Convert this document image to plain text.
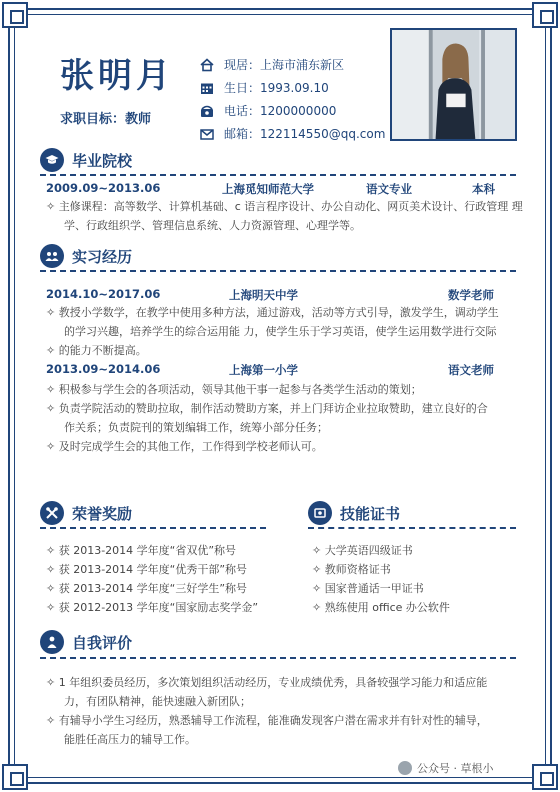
张明月
求职目标：教师
现居：上海市浦东新区
生日：1993.09.10
电话：1200000000
邮箱：122114550@qq.com
毕业院校
2009.09~2013.06	上海觅知师范大学	语文专业	本科
✧ 主修课程：高等数学、计算机基础、c 语言程序设计、办公自动化、网页美术设计、行政管理 理
学、行政组织学、管理信息系统、人力资源管理、心理学等。
实习经历
2014.10~2017.06	上海明天中学	数学老师
✧ 教授小学数学，在教学中使用多种方法，通过游戏，活动等方式引导，激发学生，调动学生
的学习兴趣，培养学生的综合运用能 力，使学生乐于学习英语，使学生运用数学进行交际
✧ 的能力不断提高。
2013.09~2014.06	上海第一小学	语文老师
✧ 积极参与学生会的各项活动，领导其他干事一起参与各类学生活动的策划；
✧ 负责学院活动的赞助拉取，制作活动赞助方案，并上门拜访企业拉取赞助，建立良好的合
作关系；负责院刊的策划编辑工作，统筹小部分任务；
✧ 及时完成学生会的其他工作，工作得到学校老师认可。
荣誉奖励
✧ 获 2013-2014 学年度“省双优”称号
✧ 获 2013-2014 学年度“优秀干部”称号
✧ 获 2013-2014 学年度“三好学生”称号
✧ 获 2012-2013 学年度“国家励志奖学金”
技能证书
✧ 大学英语四级证书
✧ 教师资格证书
✧ 国家普通话一甲证书
✧ 熟练使用 office 办公软件
自我评价
✧ 1 年组织委员经历，多次策划组织活动经历，专业成绩优秀，具备较强学习能力和适应能
力，有团队精神，能快速融入新团队；
✧ 有辅导小学生习经历，熟悉辅导工作流程，能准确发现客户潜在需求并有针对性的辅导，
能胜任高压力的辅导工作。
公众号 · 草根小
